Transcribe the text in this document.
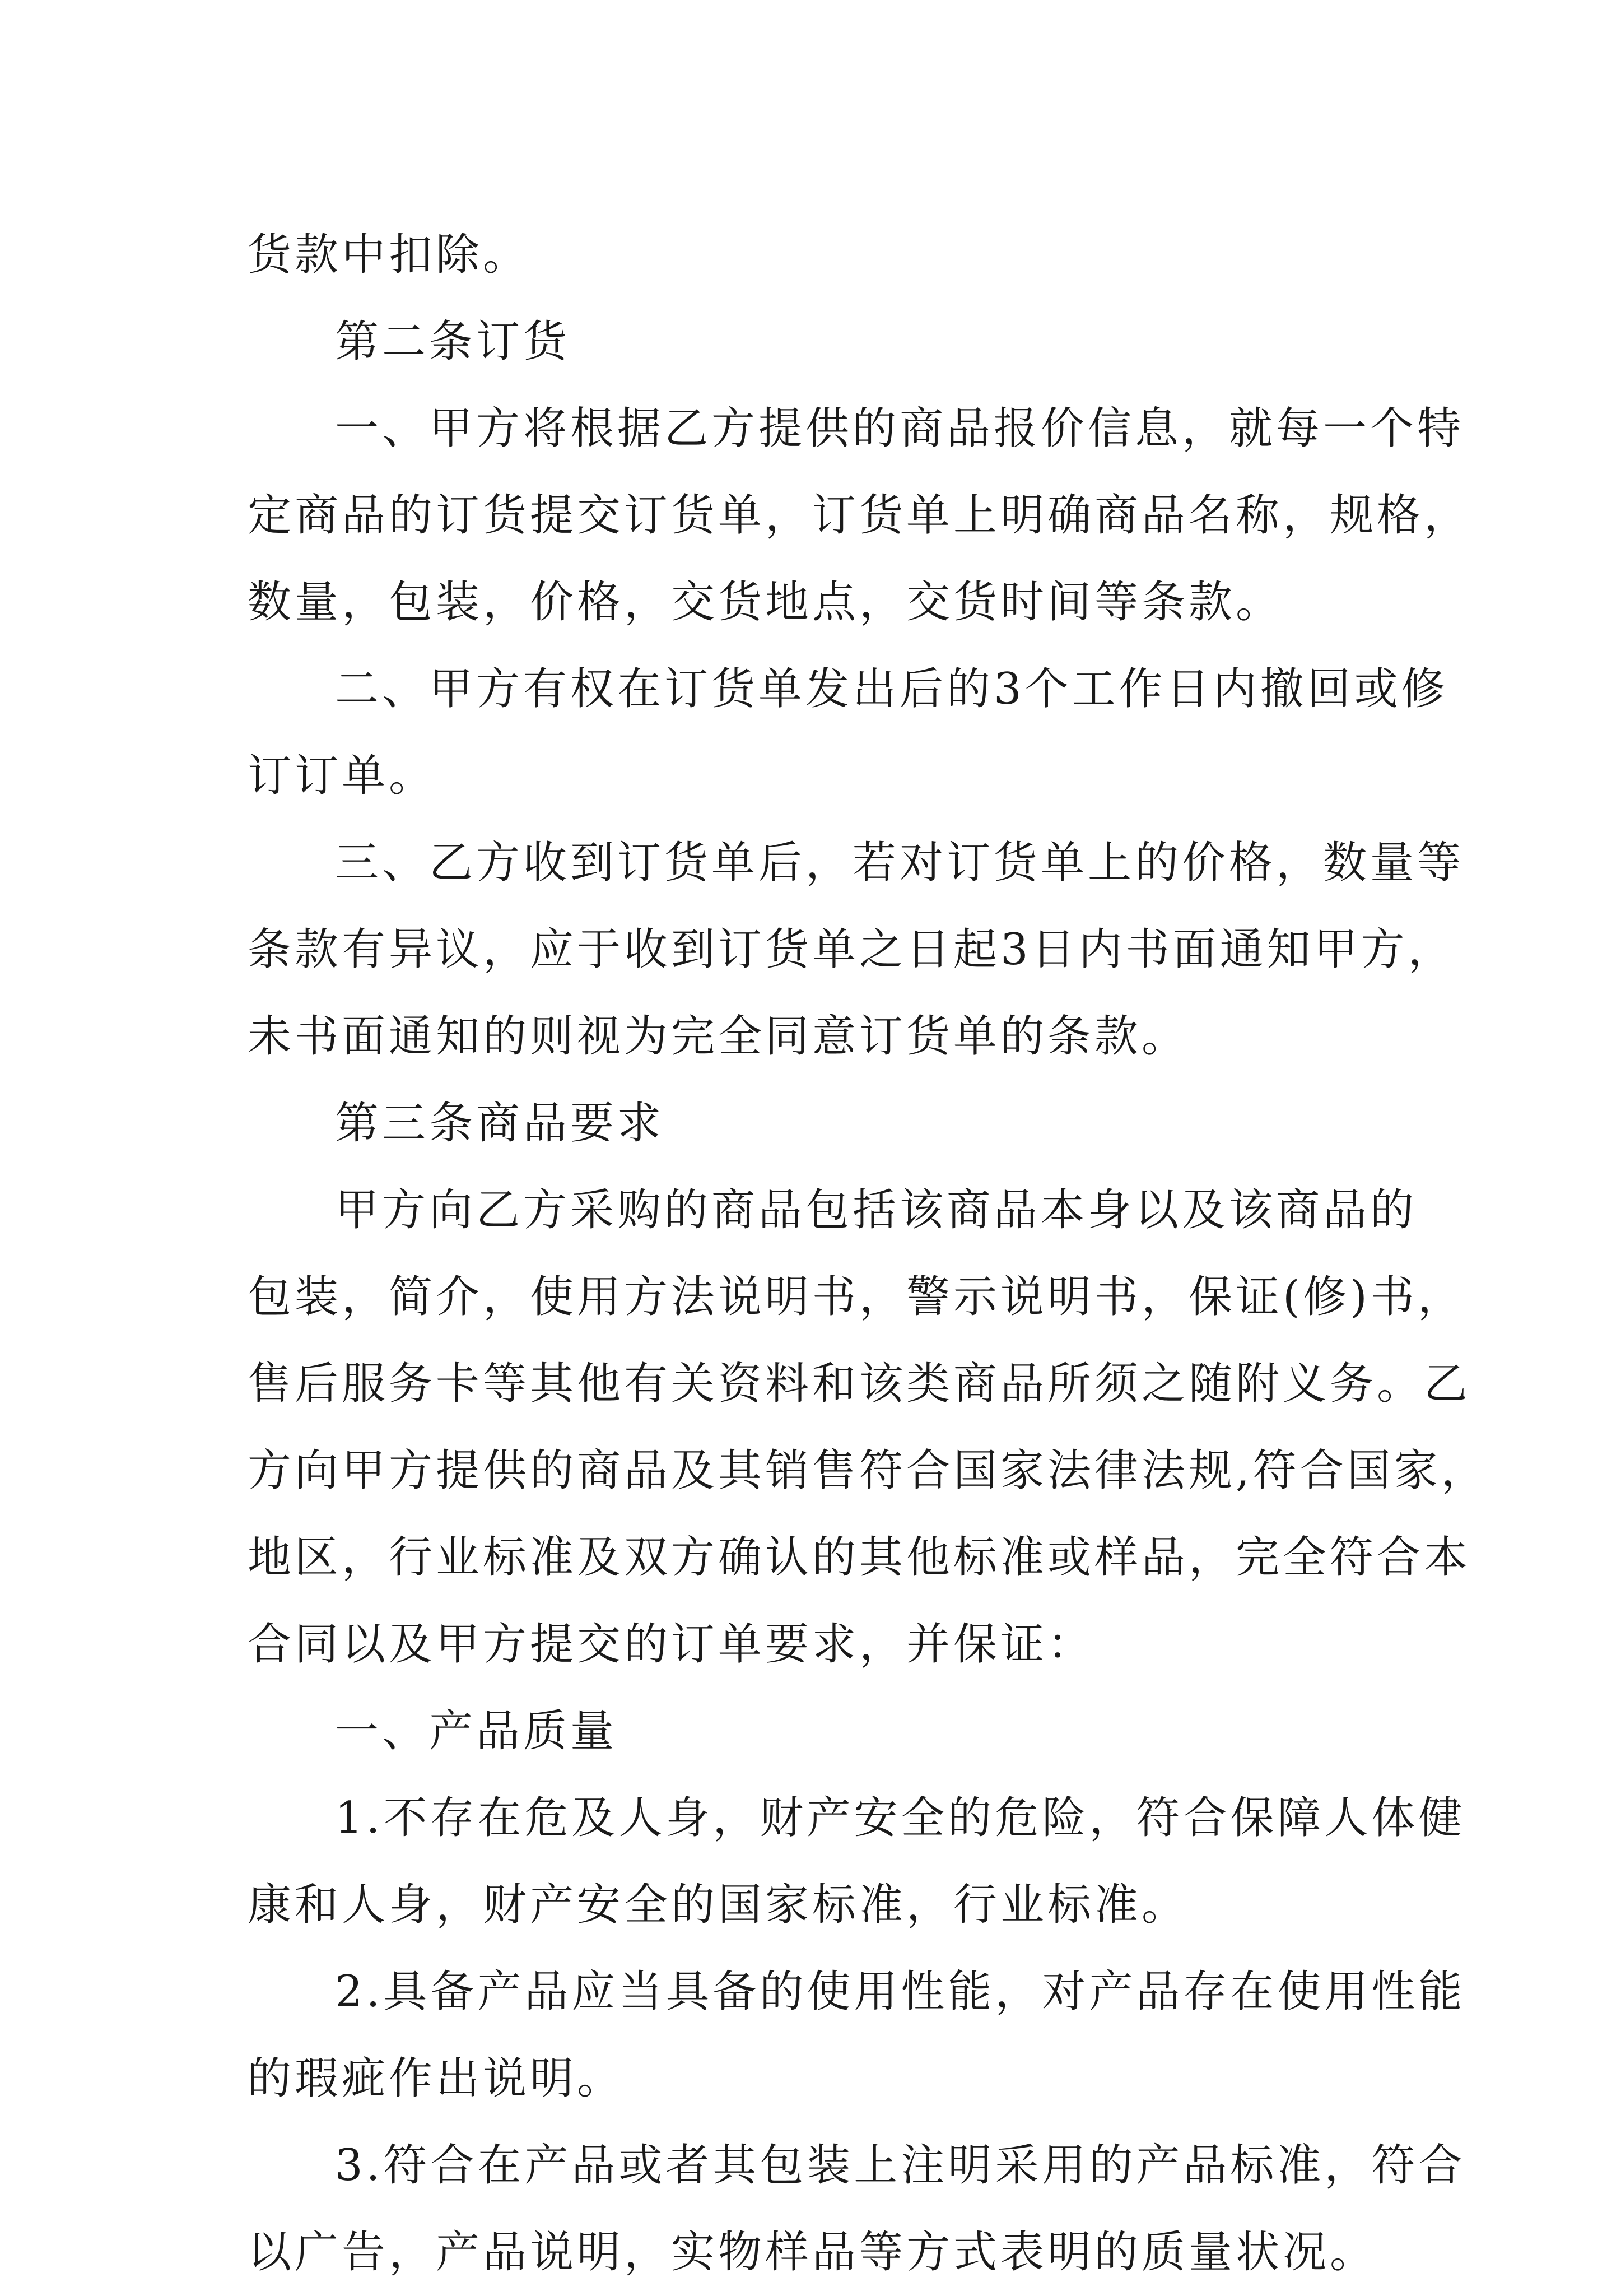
货款中扣除。

第二条订货

一、甲方将根据乙方提供的商品报价信息，就每一个特
定商品的订货提交订货单，订货单上明确商品名称，规格，
数量，包装，价格，交货地点，交货时间等条款。

二、甲方有权在订货单发出后的3个工作日内撤回或修
订订单。

三、乙方收到订货单后，若对订货单上的价格，数量等
条款有异议，应于收到订货单之日起3日内书面通知甲方，
未书面通知的则视为完全同意订货单的条款。

第三条商品要求

甲方向乙方采购的商品包括该商品本身以及该商品的
包装，简介，使用方法说明书，警示说明书，保证(修)书，
售后服务卡等其他有关资料和该类商品所须之随附义务。乙
方向甲方提供的商品及其销售符合国家法律法规,符合国家，
地区，行业标准及双方确认的其他标准或样品，完全符合本
合同以及甲方提交的订单要求，并保证：

一、产品质量

1.不存在危及人身，财产安全的危险，符合保障人体健
康和人身，财产安全的国家标准，行业标准。

2.具备产品应当具备的使用性能，对产品存在使用性能
的瑕疵作出说明。

3.符合在产品或者其包装上注明采用的产品标准，符合
以广告，产品说明，实物样品等方式表明的质量状况。
